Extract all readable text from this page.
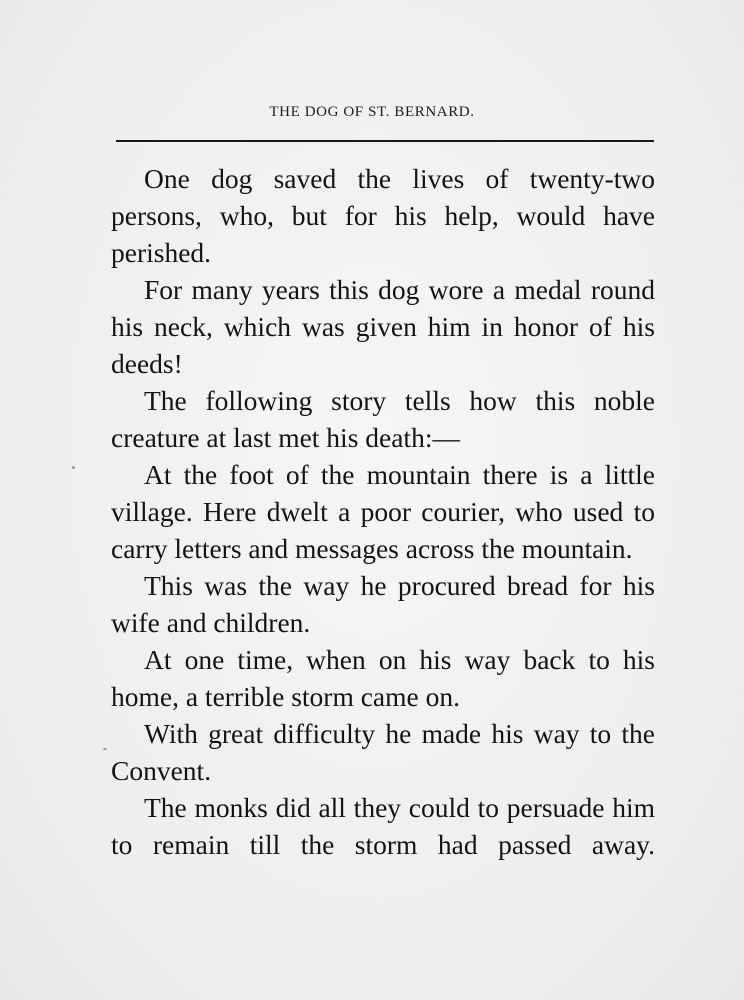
THE DOG OF ST. BERNARD.

One dog saved the lives of twenty-two persons, who, but for his help, would have perished.

For many years this dog wore a medal round his neck, which was given him in honor of his deeds!

The following story tells how this noble creature at last met his death:—

At the foot of the mountain there is a little village. Here dwelt a poor courier, who used to carry letters and messages across the mountain.

This was the way he procured bread for his wife and children.

At one time, when on his way back to his home, a terrible storm came on.

With great difficulty he made his way to the Convent.

The monks did all they could to persuade him to remain till the storm had passed away.
